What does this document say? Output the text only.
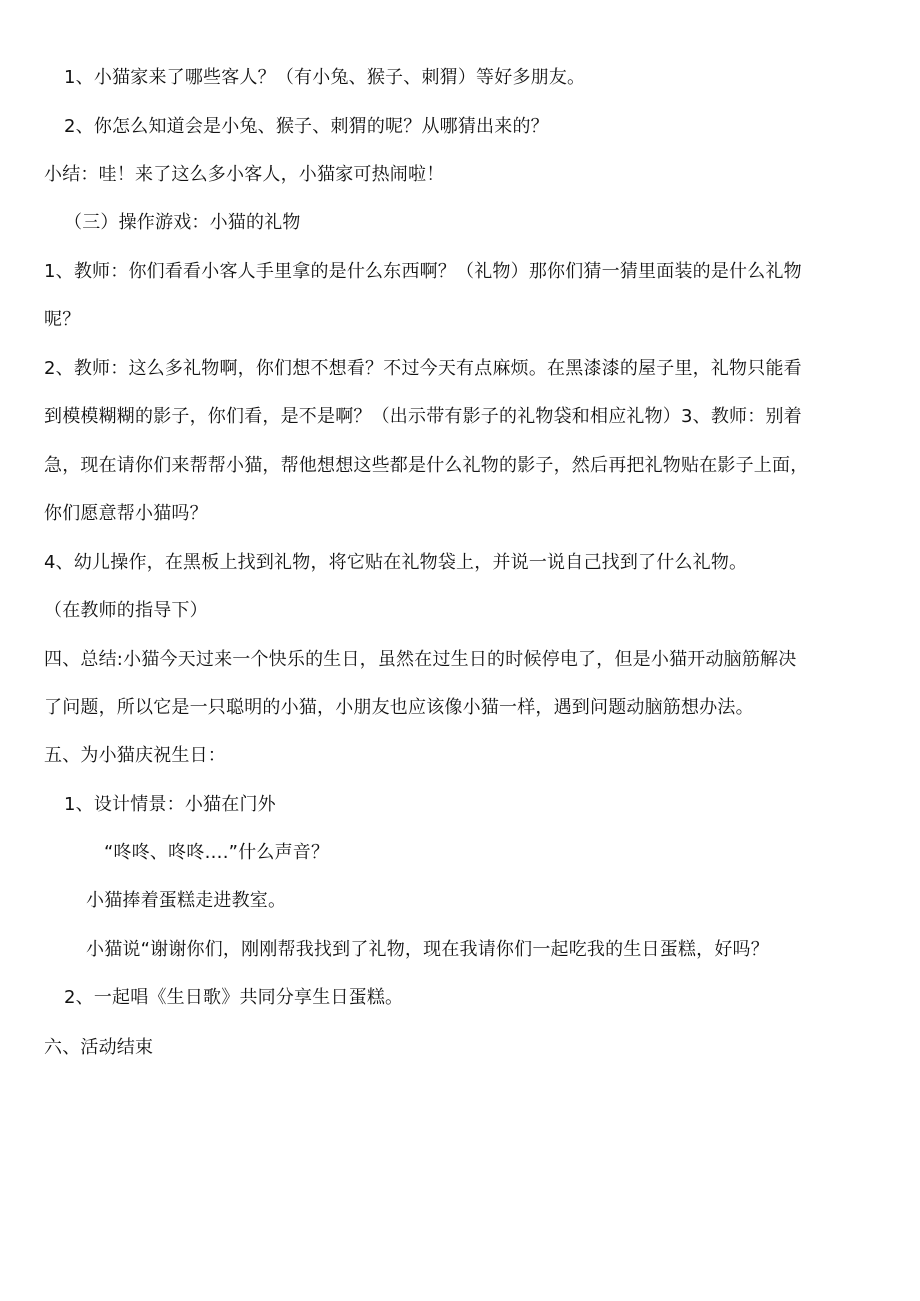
1、小猫家来了哪些客人？（有小兔、猴子、刺猬）等好多朋友。
2、你怎么知道会是小兔、猴子、刺猬的呢？从哪猜出来的？
小结：哇！来了这么多小客人，小猫家可热闹啦！
（三）操作游戏：小猫的礼物
1、教师：你们看看小客人手里拿的是什么东西啊？（礼物）那你们猜一猜里面装的是什么礼物
呢？
2、教师：这么多礼物啊，你们想不想看？不过今天有点麻烦。在黑漆漆的屋子里，礼物只能看
到模模糊糊的影子，你们看，是不是啊？（出示带有影子的礼物袋和相应礼物）3、教师：别着
急，现在请你们来帮帮小猫，帮他想想这些都是什么礼物的影子，然后再把礼物贴在影子上面，
你们愿意帮小猫吗？
4、幼儿操作，在黑板上找到礼物，将它贴在礼物袋上，并说一说自己找到了什么礼物。
（在教师的指导下）
四、总结:小猫今天过来一个快乐的生日，虽然在过生日的时候停电了，但是小猫开动脑筋解决
了问题，所以它是一只聪明的小猫，小朋友也应该像小猫一样，遇到问题动脑筋想办法。
五、为小猫庆祝生日：
1、设计情景：小猫在门外
“咚咚、咚咚….”什么声音？
小猫捧着蛋糕走进教室。
小猫说“谢谢你们，刚刚帮我找到了礼物，现在我请你们一起吃我的生日蛋糕，好吗？
2、一起唱《生日歌》共同分享生日蛋糕。
六、活动结束
